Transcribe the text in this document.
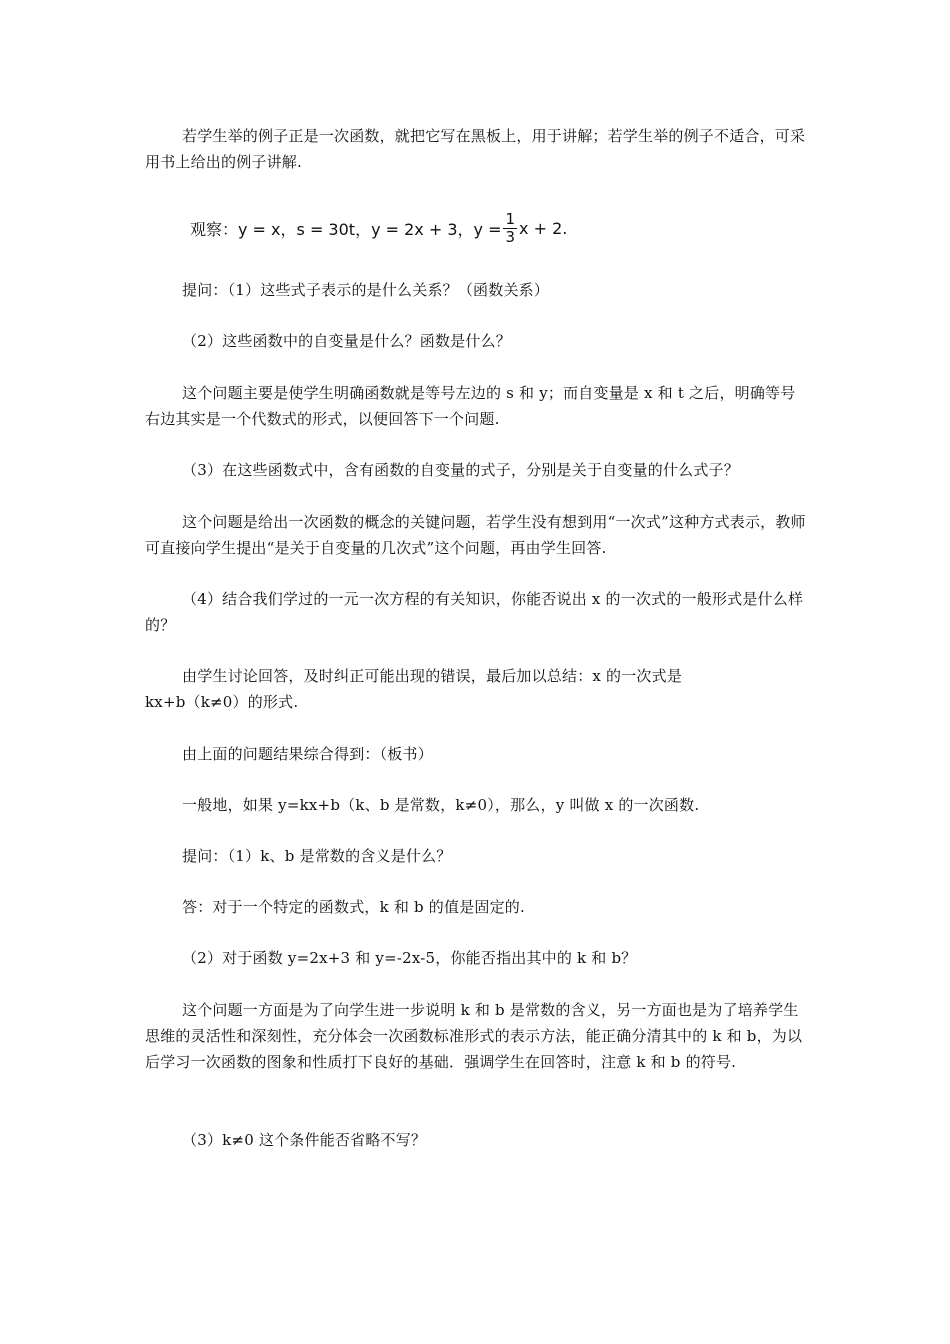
若学生举的例子正是一次函数，就把它写在黑板上，用于讲解；若学生举的例子不适合，可采用书上给出的例子讲解.
观察：y = x，s = 30t，y = 2x + 3，$y = \frac{1}{3}$ x + 2.
提问：（1）这些式子表示的是什么关系？（函数关系）
（2）这些函数中的自变量是什么？函数是什么？
这个问题主要是使学生明确函数就是等号左边的 s 和 y；而自变量是 x 和 t 之后，明确等号右边其实是一个代数式的形式，以便回答下一个问题.
（3）在这些函数式中，含有函数的自变量的式子，分别是关于自变量的什么式子？
这个问题是给出一次函数的概念的关键问题，若学生没有想到用“一次式”这种方式表示，教师可直接向学生提出“是关于自变量的几次式”这个问题，再由学生回答.
（4）结合我们学过的一元一次方程的有关知识，你能否说出 x 的一次式的一般形式是什么样的？
由学生讨论回答，及时纠正可能出现的错误，最后加以总结：x 的一次式是
kx+b（k≠0）的形式.
由上面的问题结果综合得到：（板书）
一般地，如果 y=kx+b（k、b 是常数，k≠0），那么，y 叫做 x 的一次函数.
提问：（1）k、b 是常数的含义是什么？
答：对于一个特定的函数式，k 和 b 的值是固定的.
（2）对于函数 y=2x+3 和 y=-2x-5，你能否指出其中的 k 和 b？
这个问题一方面是为了向学生进一步说明 k 和 b 是常数的含义，另一方面也是为了培养学生思维的灵活性和深刻性，充分体会一次函数标准形式的表示方法，能正确分清其中的 k 和 b，为以后学习一次函数的图象和性质打下良好的基础．强调学生在回答时，注意 k 和 b 的符号.
（3）k≠0 这个条件能否省略不写？
